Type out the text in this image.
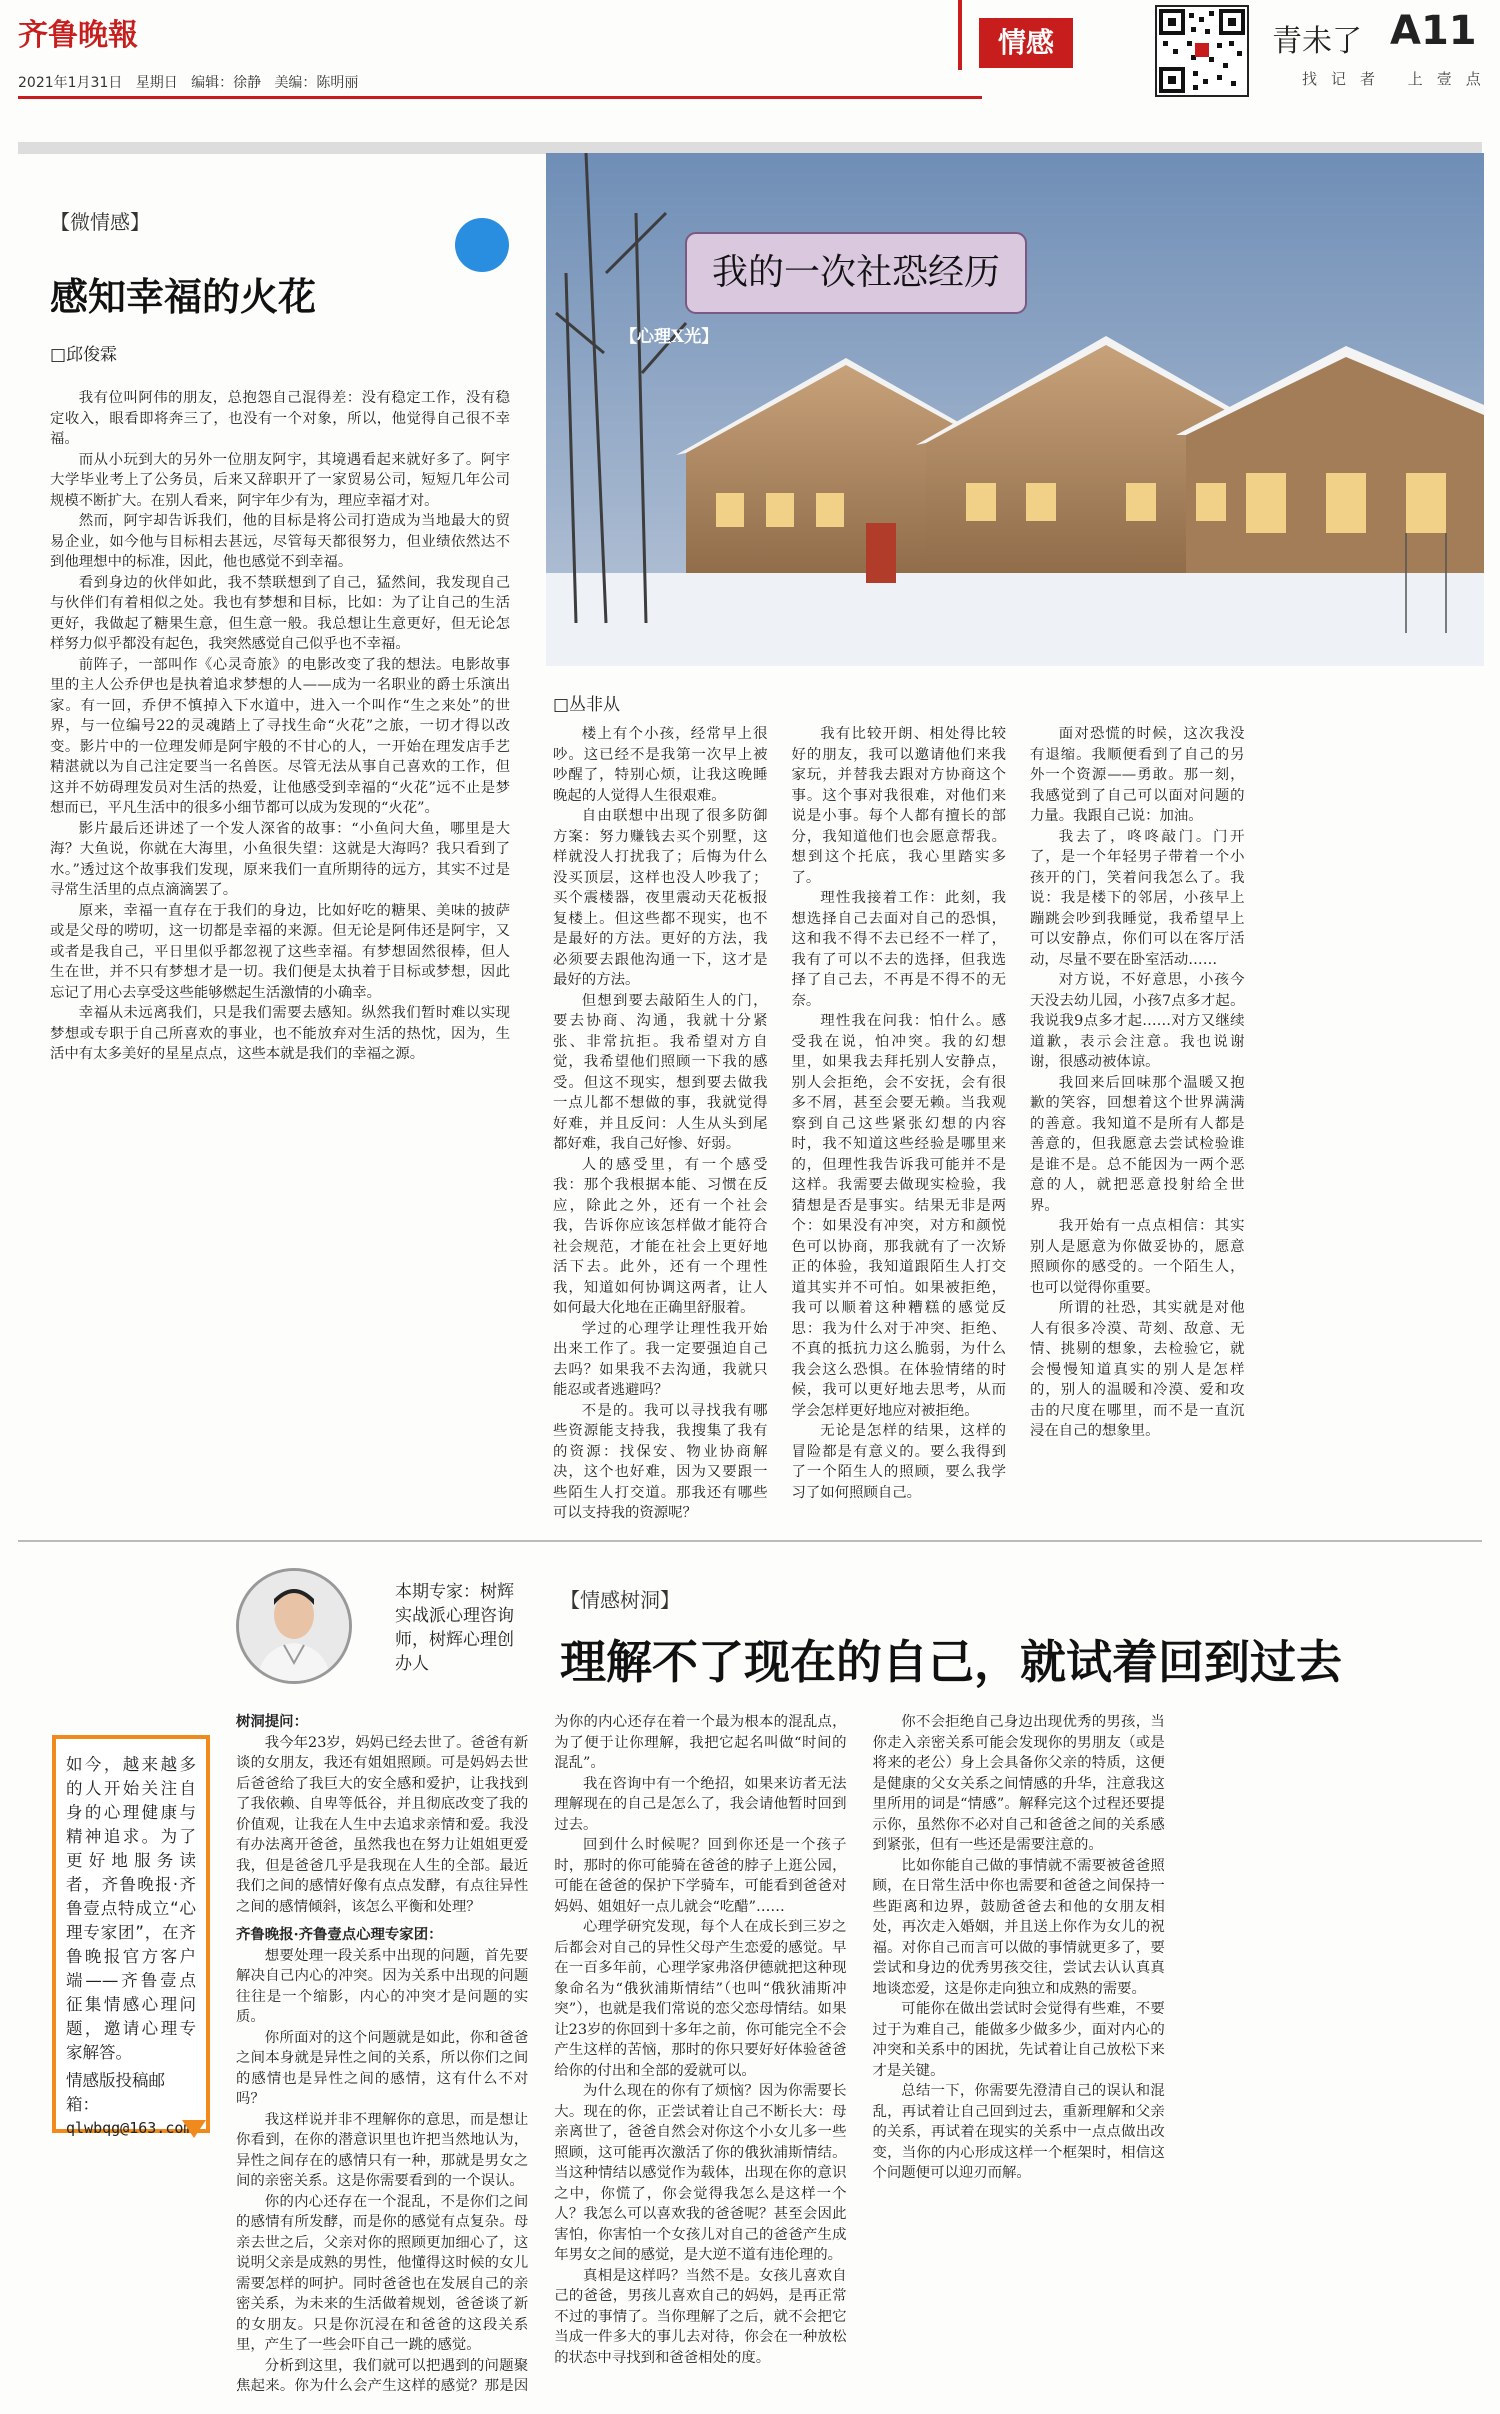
齐鲁晚報
2021年1月31日 星期日 编辑：徐静 美编：陈明丽
情感	青未了 A11
找记者 上壹点
【微情感】
感知幸福的火花
□邱俊霖

我有位叫阿伟的朋友，总抱怨自己混得差：没有稳定工作，没有稳定收入，眼看即将奔三了，也没有一个对象，所以，他觉得自己很不幸福。

而从小玩到大的另外一位朋友阿宇，其境遇看起来就好多了。阿宇大学毕业考上了公务员，后来又辞职开了一家贸易公司，短短几年公司规模不断扩大。在别人看来，阿宇年少有为，理应幸福才对。

然而，阿宇却告诉我们，他的目标是将公司打造成为当地最大的贸易企业，如今他与目标相去甚远，尽管每天都很努力，但业绩依然达不到他理想中的标准，因此，他也感觉不到幸福。

看到身边的伙伴如此，我不禁联想到了自己，猛然间，我发现自己与伙伴们有着相似之处。我也有梦想和目标，比如：为了让自己的生活更好，我做起了糖果生意，但生意一般。我总想让生意更好，但无论怎样努力似乎都没有起色，我突然感觉自己似乎也不幸福。

前阵子，一部叫作《心灵奇旅》的电影改变了我的想法。电影故事里的主人公乔伊也是执着追求梦想的人——成为一名职业的爵士乐演出家。有一回，乔伊不慎掉入下水道中，进入一个叫作“生之来处”的世界，与一位编号22的灵魂踏上了寻找生命“火花”之旅，一切才得以改变。影片中的一位理发师是阿宇般的不甘心的人，一开始在理发店手艺精湛就以为自己注定要当一名兽医。尽管无法从事自己喜欢的工作，但这并不妨碍理发员对生活的热爱，让他感受到幸福的“火花”远不止是梦想而已，平凡生活中的很多小细节都可以成为发现的“火花”。

影片最后还讲述了一个发人深省的故事：“小鱼问大鱼，哪里是大海？大鱼说，你就在大海里，小鱼很失望：这就是大海吗？我只看到了水。”透过这个故事我们发现，原来我们一直所期待的远方，其实不过是寻常生活里的点点滴滴罢了。

原来，幸福一直存在于我们的身边，比如好吃的糖果、美味的披萨或是父母的唠叨，这一切都是幸福的来源。但无论是阿伟还是阿宇，又或者是我自己，平日里似乎都忽视了这些幸福。有梦想固然很棒，但人生在世，并不只有梦想才是一切。我们便是太执着于目标或梦想，因此忘记了用心去享受这些能够燃起生活激情的小确幸。

幸福从未远离我们，只是我们需要去感知。纵然我们暂时难以实现梦想或专职于自己所喜欢的事业，也不能放弃对生活的热忱，因为，生活中有太多美好的星星点点，这些本就是我们的幸福之源。

【心理X光】
我的一次社恐经历
□丛非从

楼上有个小孩，经常早上很吵。这已经不是我第一次早上被吵醒了，特别心烦，让我这晚睡晚起的人觉得人生很艰难。

自由联想中出现了很多防御方案：努力赚钱去买个别墅，这样就没人打扰我了；后悔为什么没买顶层，这样也没人吵我了；买个震楼器，夜里震动天花板报复楼上。但这些都不现实，也不是最好的方法。更好的方法，我必须要去跟他沟通一下，这才是最好的方法。

但想到要去敲陌生人的门，要去协商、沟通，我就十分紧张、非常抗拒。我希望对方自觉，我希望他们照顾一下我的感受。但这不现实，想到要去做我一点儿都不想做的事，我就觉得好难，并且反问：人生从头到尾都好难，我自己好惨、好弱。

人的感受里，有一个感受我：那个我根据本能、习惯在反应，除此之外，还有一个社会我，告诉你应该怎样做才能符合社会规范，才能在社会上更好地活下去。此外，还有一个理性我，知道如何协调这两者，让人如何最大化地在正确里舒服着。

学过的心理学让理性我开始出来工作了。我一定要强迫自己去吗？如果我不去沟通，我就只能忍或者逃避吗？

不是的。我可以寻找我有哪些资源能支持我，我搜集了我有的资源：找保安、物业协商解决，这个也好难，因为又要跟一些陌生人打交道。那我还有哪些可以支持我的资源呢？

我有比较开朗、相处得比较好的朋友，我可以邀请他们来我家玩，并替我去跟对方协商这个事。这个事对我很难，对他们来说是小事。每个人都有擅长的部分，我知道他们也会愿意帮我。想到这个托底，我心里踏实多了。

理性我接着工作：此刻，我想选择自己去面对自己的恐惧，这和我不得不去已经不一样了，我有了可以不去的选择，但我选择了自己去，不再是不得不的无奈。

理性我在问我：怕什么。感受我在说，怕冲突。我的幻想里，如果我去拜托别人安静点，别人会拒绝，会不安抚，会有很多不屑，甚至会要无赖。当我观察到自己这些紧张幻想的内容时，我不知道这些经验是哪里来的，但理性我告诉我可能并不是这样。我需要去做现实检验，我猜想是否是事实。结果无非是两个：如果没有冲突，对方和颜悦色可以协商，那我就有了一次矫正的体验，我知道跟陌生人打交道其实并不可怕。如果被拒绝，我可以顺着这种糟糕的感觉反思：我为什么对于冲突、拒绝、不真的抵抗力这么脆弱，为什么我会这么恐惧。在体验情绪的时候，我可以更好地去思考，从而学会怎样更好地应对被拒绝。

无论是怎样的结果，这样的冒险都是有意义的。要么我得到了一个陌生人的照顾，要么我学习了如何照顾自己。

面对恐慌的时候，这次我没有退缩。我顺便看到了自己的另外一个资源——勇敢。那一刻，我感觉到了自己可以面对问题的力量。我跟自己说：加油。

我去了，咚咚敲门。门开了，是一个年轻男子带着一个小孩开的门，笑着问我怎么了。我说：我是楼下的邻居，小孩早上蹦跳会吵到我睡觉，我希望早上可以安静点，你们可以在客厅活动，尽量不要在卧室活动……

对方说，不好意思，小孩今天没去幼儿园，小孩7点多才起。我说我9点多才起……对方又继续道歉，表示会注意。我也说谢谢，很感动被体谅。

我回来后回味那个温暖又抱歉的笑容，回想着这个世界满满的善意。我知道不是所有人都是善意的，但我愿意去尝试检验谁是谁不是。总不能因为一两个恶意的人，就把恶意投射给全世界。

我开始有一点点相信：其实别人是愿意为你做妥协的，愿意照顾你的感受的。一个陌生人，也可以觉得你重要。

所谓的社恐，其实就是对他人有很多冷漠、苛刻、敌意、无情、挑剔的想象，去检验它，就会慢慢知道真实的别人是怎样的，别人的温暖和冷漠、爱和攻击的尺度在哪里，而不是一直沉浸在自己的想象里。

本期专家：树辉实战派心理咨询师，树辉心理创办人
【情感树洞】
理解不了现在的自己，就试着回到过去
如今，越来越多的人开始关注自身的心理健康与精神追求。为了更好地服务读者，齐鲁晚报·齐鲁壹点特成立“心理专家团”，在齐鲁晚报官方客户端——齐鲁壹点征集情感心理问题，邀请心理专家解答。
情感版投稿邮箱：
qlwbqg@163.com
树洞提问：

我今年23岁，妈妈已经去世了。爸爸有新谈的女朋友，我还有姐姐照顾。可是妈妈去世后爸爸给了我巨大的安全感和爱护，让我找到了我依赖、自卑等低谷，并且彻底改变了我的价值观，让我在人生中去追求亲情和爱。我没有办法离开爸爸，虽然我也在努力让姐姐更爱我，但是爸爸几乎是我现在人生的全部。最近我们之间的感情好像有点点发酵，有点往异性之间的感情倾斜，该怎么平衡和处理？

齐鲁晚报·齐鲁壹点心理专家团：

想要处理一段关系中出现的问题，首先要解决自己内心的冲突。因为关系中出现的问题往往是一个缩影，内心的冲突才是问题的实质。

你所面对的这个问题就是如此，你和爸爸之间本身就是异性之间的关系，所以你们之间的感情也是异性之间的感情，这有什么不对吗？

我这样说并非不理解你的意思，而是想让你看到，在你的潜意识里也许把当然地认为，异性之间存在的感情只有一种，那就是男女之间的亲密关系。这是你需要看到的一个误认。

你的内心还存在一个混乱，不是你们之间的感情有所发酵，而是你的感觉有点复杂。母亲去世之后，父亲对你的照顾更加细心了，这说明父亲是成熟的男性，他懂得这时候的女儿需要怎样的呵护。同时爸爸也在发展自己的亲密关系，为未来的生活做着规划，爸爸谈了新的女朋友。只是你沉浸在和爸爸的这段关系里，产生了一些会吓自己一跳的感觉。

分析到这里，我们就可以把遇到的问题聚焦起来。你为什么会产生这样的感觉？那是因为你的内心还存在着一个最为根本的混乱点，为了便于让你理解，我把它起名叫做“时间的混乱”。

我在咨询中有一个绝招，如果来访者无法理解现在的自己是怎么了，我会请他暂时回到过去。

回到什么时候呢？回到你还是一个孩子时，那时的你可能骑在爸爸的脖子上逛公园，可能在爸爸的保护下学骑车，可能看到爸爸对妈妈、姐姐好一点儿就会“吃醋”……

心理学研究发现，每个人在成长到三岁之后都会对自己的异性父母产生恋爱的感觉。早在一百多年前，心理学家弗洛伊德就把这种现象命名为“俄狄浦斯情结”（也叫“俄狄浦斯冲突”），也就是我们常说的恋父恋母情结。如果让23岁的你回到十多年之前，你可能完全不会产生这样的苦恼，那时的你只要好好体验爸爸给你的付出和全部的爱就可以。

为什么现在的你有了烦恼？因为你需要长大。现在的你，正尝试着让自己不断长大：母亲离世了，爸爸自然会对你这个小女儿多一些照顾，这可能再次激活了你的俄狄浦斯情结。当这种情结以感觉作为载体，出现在你的意识之中，你慌了，你会觉得我怎么是这样一个人？我怎么可以喜欢我的爸爸呢？甚至会因此害怕，你害怕一个女孩儿对自己的爸爸产生成年男女之间的感觉，是大逆不道有违伦理的。

真相是这样吗？当然不是。女孩儿喜欢自己的爸爸，男孩儿喜欢自己的妈妈，是再正常不过的事情了。当你理解了之后，就不会把它当成一件多大的事儿去对待，你会在一种放松的状态中寻找到和爸爸相处的度。

你不会拒绝自己身边出现优秀的男孩，当你走入亲密关系可能会发现你的男朋友（或是将来的老公）身上会具备你父亲的特质，这便是健康的父女关系之间情感的升华，注意我这里所用的词是“情感”。解释完这个过程还要提示你，虽然你不必对自己和爸爸之间的关系感到紧张，但有一些还是需要注意的。

比如你能自己做的事情就不需要被爸爸照顾，在日常生活中你也需要和爸爸之间保持一些距离和边界，鼓励爸爸去和他的女朋友相处，再次走入婚姻，并且送上你作为女儿的祝福。对你自己而言可以做的事情就更多了，要尝试和身边的优秀男孩交往，尝试去认认真真地谈恋爱，这是你走向独立和成熟的需要。

可能你在做出尝试时会觉得有些难，不要过于为难自己，能做多少做多少，面对内心的冲突和关系中的困扰，先试着让自己放松下来才是关键。

总结一下，你需要先澄清自己的误认和混乱，再试着让自己回到过去，重新理解和父亲的关系，再试着在现实的关系中一点点做出改变，当你的内心形成这样一个框架时，相信这个问题便可以迎刃而解。
